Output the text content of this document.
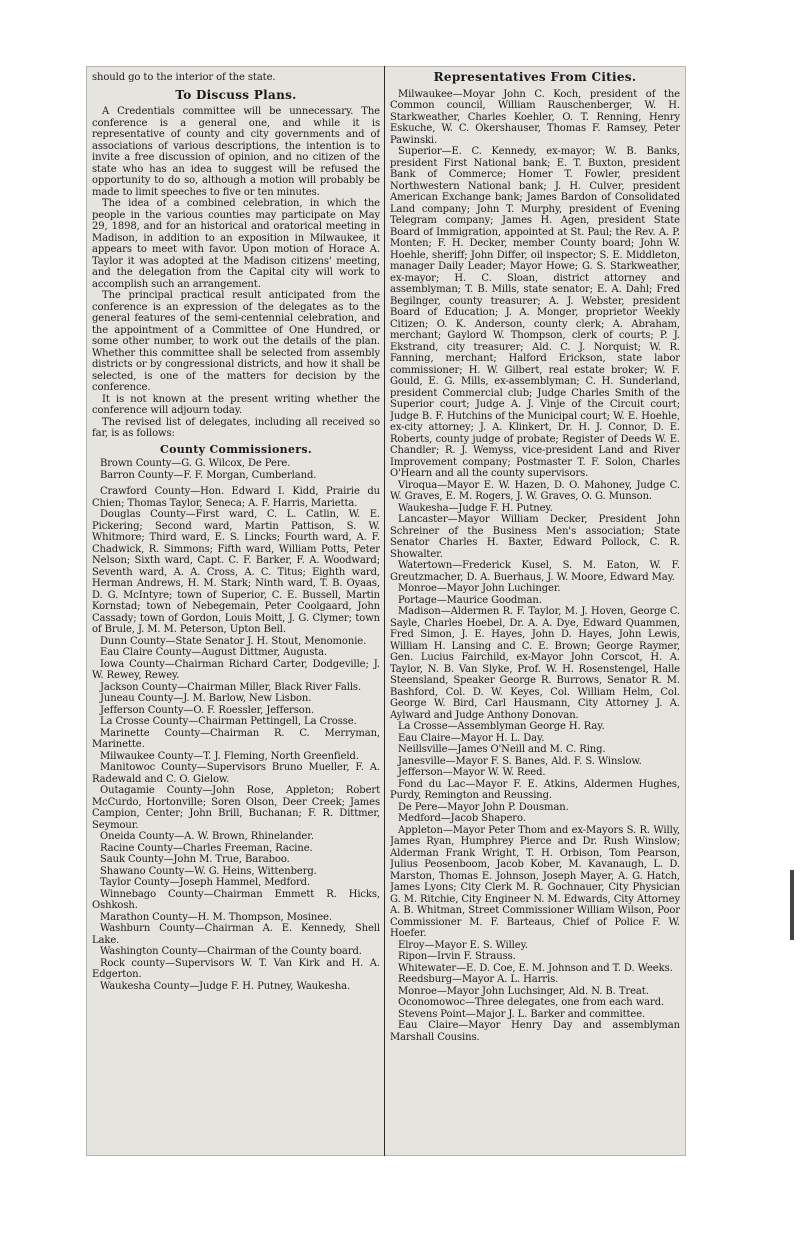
should go to the interior of the state.

To Discuss Plans.

A Credentials committee will be unnecessary. The conference is a general one, and while it is representative of county and city governments and of associations of various descriptions, the intention is to invite a free discussion of opinion, and no citizen of the state who has an idea to suggest will be refused the opportunity to do so, although a motion will probably be made to limit speeches to five or ten minutes.

The idea of a combined celebration, in which the people in the various counties may participate on May 29, 1898, and for an historical and oratorical meeting in Madison, in addition to an exposition in Milwaukee, it appears to meet with favor. Upon motion of Horace A. Taylor it was adopted at the Madison citizens' meeting, and the delegation from the Capital city will work to accomplish such an arrangement.

The principal practical result anticipated from the conference is an expression of the delegates as to the general features of the semi-centennial celebration, and the appointment of a Committee of One Hundred, or some other number, to work out the details of the plan. Whether this committee shall be selected from assembly districts or by congressional districts, and how it shall be selected, is one of the matters for decision by the conference.

It is not known at the present writing whether the conference will adjourn today.

The revised list of delegates, including all received so far, is as follows:

County Commissioners.

Brown County—G. G. Wilcox, De Pere.

Barron County—F. F. Morgan, Cumberland.

Crawford County—Hon. Edward I. Kidd, Prairie du Chien; Thomas Taylor, Seneca; A. F. Harris, Marietta.

Douglas County—First ward, C. L. Catlin, W. E. Pickering; Second ward, Martin Pattison, S. W. Whitmore; Third ward, E. S. Lincks; Fourth ward, A. F. Chadwick, R. Simmons; Fifth ward, William Potts, Peter Nelson; Sixth ward, Capt. C. F. Barker, F. A. Woodward; Seventh ward, A. A. Cross, A. C. Titus; Eighth ward, Herman Andrews, H. M. Stark; Ninth ward, T. B. Oyaas, D. G. McIntyre; town of Superior, C. E. Bussell, Martin Kornstad; town of Nebegemain, Peter Coolgaard, John Cassady; town of Gordon, Louis Moitt, J. G. Clymer; town of Brule, J. M. M. Peterson, Upton Bell.

Dunn County—State Senator J. H. Stout, Menomonie.

Eau Claire County—August Dittmer, Augusta.

Iowa County—Chairman Richard Carter, Dodgeville; J. W. Rewey, Rewey.

Jackson County—Chairman Miller, Black River Falls.

Juneau County—J. M. Barlow, New Lisbon.

Jefferson County—O. F. Roessler, Jefferson.

La Crosse County—Chairman Pettingell, La Crosse.

Marinette County—Chairman R. C. Merryman, Marinette.

Milwaukee County—T. J. Fleming, North Greenfield.

Manitowoc County—Supervisors Bruno Mueller, F. A. Radewald and C. O. Gielow.

Outagamie County—John Rose, Appleton; Robert McCurdo, Hortonville; Soren Olson, Deer Creek; James Campion, Center; John Brill, Buchanan; F. R. Dittmer, Seymour.

Oneida County—A. W. Brown, Rhinelander.

Racine County—Charles Freeman, Racine.

Sauk County—John M. True, Baraboo.

Shawano County—W. G. Heins, Wittenberg.

Taylor County—Joseph Hammel, Medford.

Winnebago County—Chairman Emmett R. Hicks, Oshkosh.

Marathon County—H. M. Thompson, Mosinee.

Washburn County—Chairman A. E. Kennedy, Shell Lake.

Washington County—Chairman of the County board.

Rock county—Supervisors W. T. Van Kirk and H. A. Edgerton.

Waukesha County—Judge F. H. Putney, Waukesha.

Representatives From Cities.

Milwaukee—Moyar John C. Koch, president of the Common council, William Rauschenberger, W. H. Starkweather, Charles Koehler, O. T. Renning, Henry Eskuche, W. C. Okershauser, Thomas F. Ramsey, Peter Pawinski.

Superior—E. C. Kennedy, ex-mayor; W. B. Banks, president First National bank; E. T. Buxton, president Bank of Commerce; Homer T. Fowler, president Northwestern National bank; J. H. Culver, president American Exchange bank; James Bardon of Consolidated Land company; John T. Murphy, president of Evening Telegram company; James H. Agen, president State Board of Immigration, appointed at St. Paul; the Rev. A. P. Monten; F. H. Decker, member County board; John W. Hoehle, sheriff; John Differ, oil inspector; S. E. Middleton, manager Daily Leader; Mayor Howe; G. S. Starkweather, ex-mayor; H. C. Sloan, district attorney and assemblyman; T. B. Mills, state senator; E. A. Dahl; Fred Begilnger, county treasurer; A. J. Webster, president Board of Education; J. A. Monger, proprietor Weekly Citizen; O. K. Anderson, county clerk; A. Abraham, merchant; Gaylord W. Thompson, clerk of courts; P. J. Ekstrand, city treasurer; Ald. C. J. Norquist; W. R. Fanning, merchant; Halford Erickson, state labor commissioner; H. W. Gilbert, real estate broker; W. F. Gould, E. G. Mills, ex-assemblyman; C. H. Sunderland, president Commercial club; Judge Charles Smith of the Superior court; Judge A. J. Vinje of the Circuit court; Judge B. F. Hutchins of the Municipal court; W. E. Hoehle, ex-city attorney; J. A. Klinkert, Dr. H. J. Connor, D. E. Roberts, county judge of probate; Register of Deeds W. E. Chandler; R. J. Wemyss, vice-president Land and River Improvement company; Postmaster T. F. Solon, Charles O'Hearn and all the county supervisors.

Viroqua—Mayor E. W. Hazen, D. O. Mahoney, Judge C. W. Graves, E. M. Rogers, J. W. Graves, O. G. Munson.

Waukesha—Judge F. H. Putney.

Lancaster—Mayor William Decker, President John Schreiner of the Business Men's association; State Senator Charles H. Baxter, Edward Pollock, C. R. Showalter.

Watertown—Frederick Kusel, S. M. Eaton, W. F. Greutzmacher, D. A. Buerhaus, J. W. Moore, Edward May.

Monroe—Mayor John Luchinger.

Portage—Maurice Goodman.

Madison—Aldermen R. F. Taylor, M. J. Hoven, George C. Sayle, Charles Hoebel, Dr. A. A. Dye, Edward Quammen, Fred Simon, J. E. Hayes, John D. Hayes, John Lewis, William H. Lansing and C. E. Brown; George Raymer, Gen. Lucius Fairchild, ex-Mayor John Corscot, H. A. Taylor, N. B. Van Slyke, Prof. W. H. Rosenstengel, Halle Steensland, Speaker George R. Burrows, Senator R. M. Bashford, Col. D. W. Keyes, Col. William Helm, Col. George W. Bird, Carl Hausmann, City Attorney J. A. Aylward and Judge Anthony Donovan.

La Crosse—Assemblyman George H. Ray.

Eau Claire—Mayor H. L. Day.

Neillsville—James O'Neill and M. C. Ring.

Janesville—Mayor F. S. Banes, Ald. F. S. Winslow.

Jefferson—Mayor W. W. Reed.

Fond du Lac—Mayor F. E. Atkins, Aldermen Hughes, Purdy, Remington and Reussing.

De Pere—Mayor John P. Dousman.

Medford—Jacob Shapero.

Appleton—Mayor Peter Thom and ex-Mayors S. R. Willy, James Ryan, Humphrey Pierce and Dr. Rush Winslow; Alderman Frank Wright, T. H. Orbison, Tom Pearson, Julius Peosenboom, Jacob Kober, M. Kavanaugh, L. D. Marston, Thomas E. Johnson, Joseph Mayer, A. G. Hatch, James Lyons; City Clerk M. R. Gochnauer, City Physician G. M. Ritchie, City Engineer N. M. Edwards, City Attorney A. B. Whitman, Street Commissioner William Wilson, Poor Commissioner M. F. Barteaus, Chief of Police F. W. Hoefer.

Elroy—Mayor E. S. Willey.

Ripon—Irvin F. Strauss.

Whitewater—E. D. Coe, E. M. Johnson and T. D. Weeks.

Reedsburg—Mayor A. L. Harris.

Monroe—Mayor John Luchsinger, Ald. N. B. Treat.

Oconomowoc—Three delegates, one from each ward.

Stevens Point—Major J. L. Barker and committee.

Eau Claire—Mayor Henry Day and assemblyman Marshall Cousins.
